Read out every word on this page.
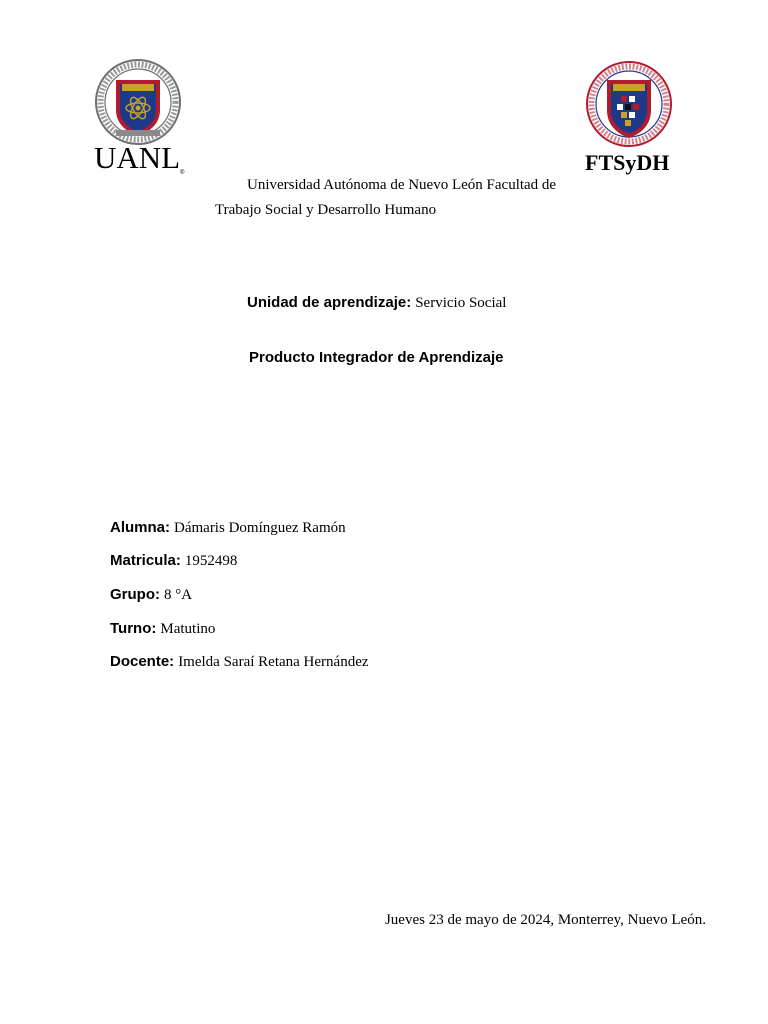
UANL ®	FTSyDH
Universidad Autónoma de Nuevo León Facultad de
Trabajo Social y Desarrollo Humano
Unidad de aprendizaje: Servicio Social
Producto Integrador de Aprendizaje
Alumna: Dámaris Domínguez Ramón
Matricula: 1952498
Grupo: 8 °A
Turno: Matutino
Docente: Imelda Saraí Retana Hernández
Jueves 23 de mayo de 2024, Monterrey, Nuevo León.
